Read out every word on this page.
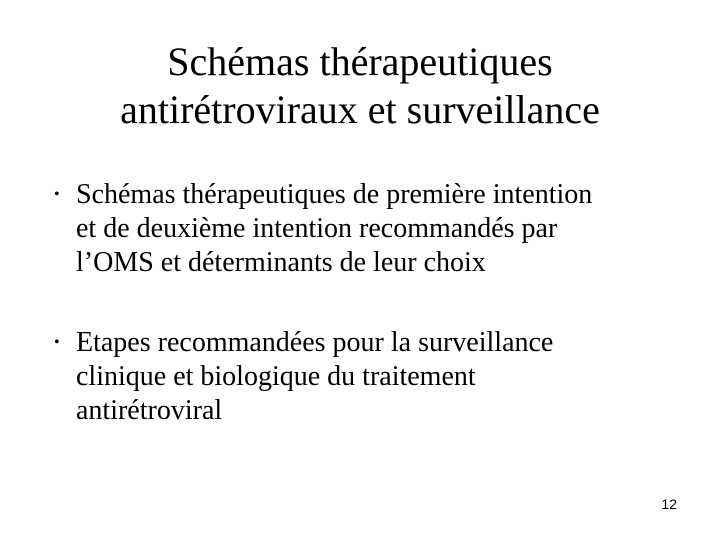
Schémas thérapeutiques
antirétroviraux et surveillance
• Schémas thérapeutiques de première intention
et de deuxième intention recommandés par
l’OMS et déterminants de leur choix
• Etapes recommandées pour la surveillance
clinique et biologique du traitement
antirétroviral
12
